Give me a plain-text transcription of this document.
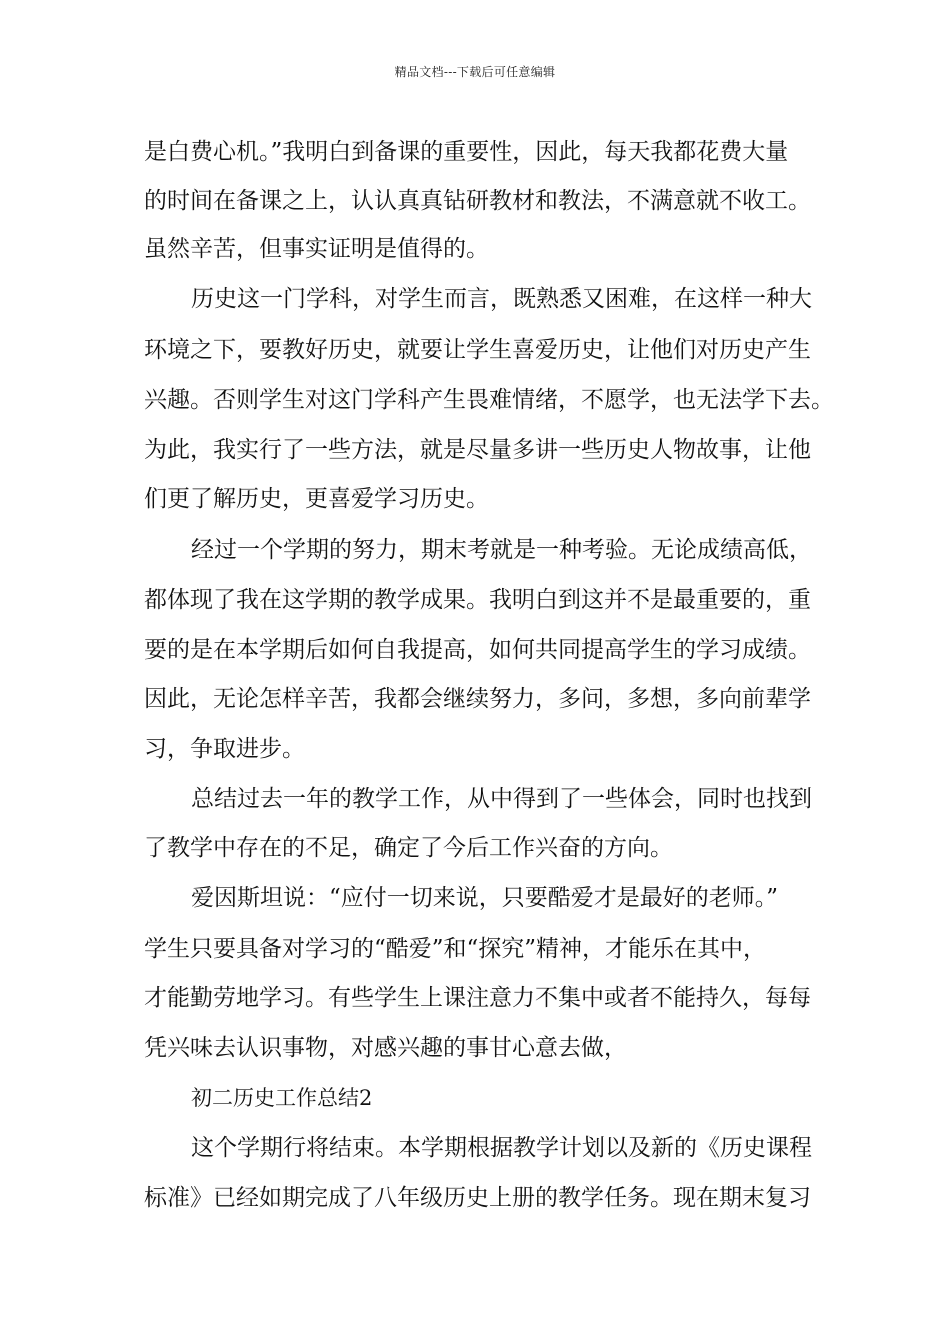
精品文档---下载后可任意编辑
是白费心机。”我明白到备课的重要性，因此，每天我都花费大量
的时间在备课之上，认认真真钻研教材和教法，不满意就不收工。
虽然辛苦，但事实证明是值得的。
历史这一门学科，对学生而言，既熟悉又困难，在这样一种大
环境之下，要教好历史，就要让学生喜爱历史，让他们对历史产生
兴趣。否则学生对这门学科产生畏难情绪，不愿学，也无法学下去。
为此，我实行了一些方法，就是尽量多讲一些历史人物故事，让他
们更了解历史，更喜爱学习历史。
经过一个学期的努力，期末考就是一种考验。无论成绩高低，
都体现了我在这学期的教学成果。我明白到这并不是最重要的，重
要的是在本学期后如何自我提高，如何共同提高学生的学习成绩。
因此，无论怎样辛苦，我都会继续努力，多问，多想，多向前辈学
习，争取进步。
总结过去一年的教学工作，从中得到了一些体会，同时也找到
了教学中存在的不足，确定了今后工作兴奋的方向。
爱因斯坦说：“应付一切来说，只要酷爱才是最好的老师。”
学生只要具备对学习的“酷爱”和“探究”精神，才能乐在其中，
才能勤劳地学习。有些学生上课注意力不集中或者不能持久，每每
凭兴味去认识事物，对感兴趣的事甘心意去做，
初二历史工作总结2
这个学期行将结束。本学期根据教学计划以及新的《历史课程
标准》已经如期完成了八年级历史上册的教学任务。现在期末复习
